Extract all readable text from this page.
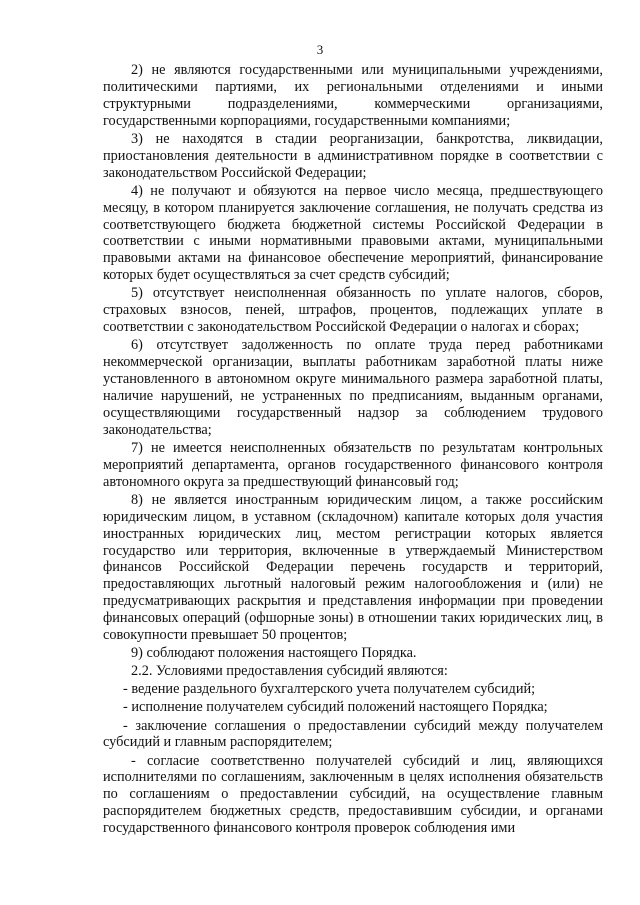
3

2) не являются государственными или муниципальными учреждениями, политическими партиями, их региональными отделениями и иными структурными подразделениями, коммерческими организациями, государственными корпорациями, государственными компаниями;

3) не находятся в стадии реорганизации, банкротства, ликвидации, приостановления деятельности в административном порядке в соответствии с законодательством Российской Федерации;

4) не получают и обязуются на первое число месяца, предшествующего месяцу, в котором планируется заключение соглашения, не получать средства из соответствующего бюджета бюджетной системы Российской Федерации в соответствии с иными нормативными правовыми актами, муниципальными правовыми актами на финансовое обеспечение мероприятий, финансирование которых будет осуществляться за счет средств субсидий;

5) отсутствует неисполненная обязанность по уплате налогов, сборов, страховых взносов, пеней, штрафов, процентов, подлежащих уплате в соответствии с законодательством Российской Федерации о налогах и сборах;

6) отсутствует задолженность по оплате труда перед работниками некоммерческой организации, выплаты работникам заработной платы ниже установленного в автономном округе минимального размера заработной платы, наличие нарушений, не устраненных по предписаниям, выданным органами, осуществляющими государственный надзор за соблюдением трудового законодательства;

7) не имеется неисполненных обязательств по результатам контрольных мероприятий департамента, органов государственного финансового контроля автономного округа за предшествующий финансовый год;

8) не является иностранным юридическим лицом, а также российским юридическим лицом, в уставном (складочном) капитале которых доля участия иностранных юридических лиц, местом регистрации которых является государство или территория, включенные в утверждаемый Министерством финансов Российской Федерации перечень государств и территорий, предоставляющих льготный налоговый режим налогообложения и (или) не предусматривающих раскрытия и представления информации при проведении финансовых операций (офшорные зоны) в отношении таких юридических лиц, в совокупности превышает 50 процентов;

9) соблюдают положения настоящего Порядка.

2.2. Условиями предоставления субсидий являются:

- ведение раздельного бухгалтерского учета получателем субсидий;

- исполнение получателем субсидий положений настоящего Порядка;

- заключение соглашения о предоставлении субсидий между получателем субсидий и главным распорядителем;

- согласие соответственно получателей субсидий и лиц, являющихся исполнителями по соглашениям, заключенным в целях исполнения обязательств по соглашениям о предоставлении субсидий, на осуществление главным распорядителем бюджетных средств, предоставившим субсидии, и органами государственного финансового контроля проверок соблюдения ими
